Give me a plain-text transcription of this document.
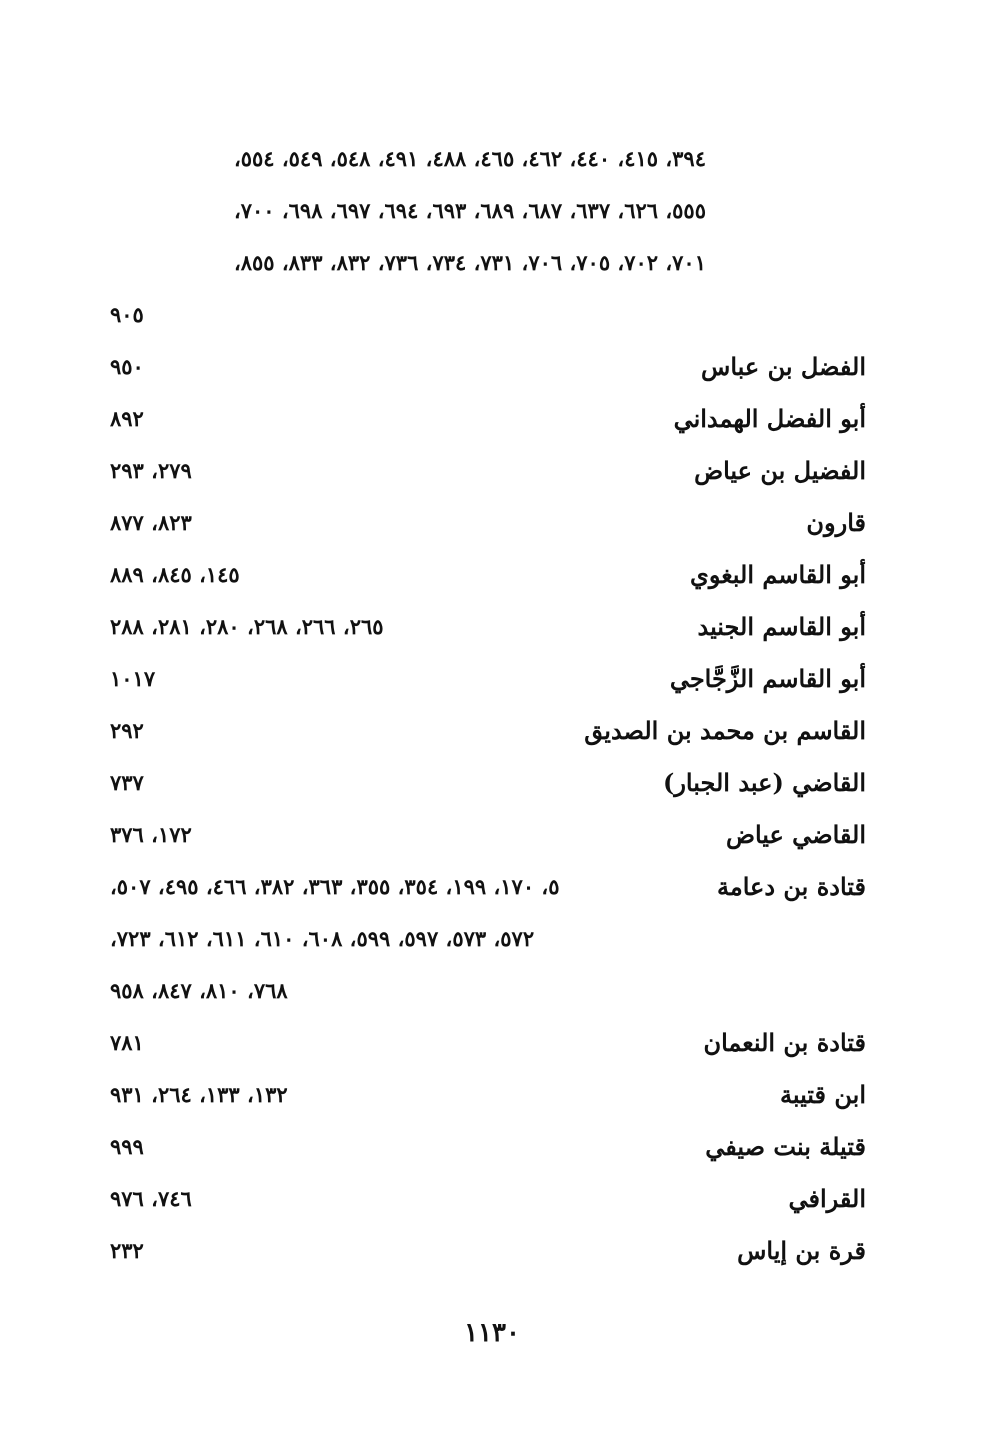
٣٩٤، ٤١٥، ٤٤٠، ٤٦٢، ٤٦٥، ٤٨٨، ٤٩١، ٥٤٨، ٥٤٩، ٥٥٤،
٥٥٥، ٦٢٦، ٦٣٧، ٦٨٧، ٦٨٩، ٦٩٣، ٦٩٤، ٦٩٧، ٦٩٨، ٧٠٠،
٧٠١، ٧٠٢، ٧٠٥، ٧٠٦، ٧٣١، ٧٣٤، ٧٣٦، ٨٣٢، ٨٣٣، ٨٥٥،
٩٠٥
الفضل بن عباس
٩٥٠
أبو الفضل الهمداني
٨٩٢
الفضيل بن عياض
٢٧٩، ٢٩٣
قارون
٨٢٣، ٨٧٧
أبو القاسم البغوي
١٤٥، ٨٤٥، ٨٨٩
أبو القاسم الجنيد
٢٦٥، ٢٦٦، ٢٦٨، ٢٨٠، ٢٨١، ٢٨٨
أبو القاسم الزَّجَّاجي
١٠١٧
القاسم بن محمد بن الصديق
٢٩٢
القاضي (عبد الجبار)
٧٣٧
القاضي عياض
١٧٢، ٣٧٦
قتادة بن دعامة
٥، ١٧٠، ١٩٩، ٣٥٤، ٣٥٥، ٣٦٣، ٣٨٢، ٤٦٦، ٤٩٥، ٥٠٧،
٥٧٢، ٥٧٣، ٥٩٧، ٥٩٩، ٦٠٨، ٦١٠، ٦١١، ٦١٢، ٧٢٣،
٧٦٨، ٨١٠، ٨٤٧، ٩٥٨
قتادة بن النعمان
٧٨١
ابن قتيبة
١٣٢، ١٣٣، ٢٦٤، ٩٣١
قتيلة بنت صيفي
٩٩٩
القرافي
٧٤٦، ٩٧٦
قرة بن إياس
٢٣٢
١١٣٠
